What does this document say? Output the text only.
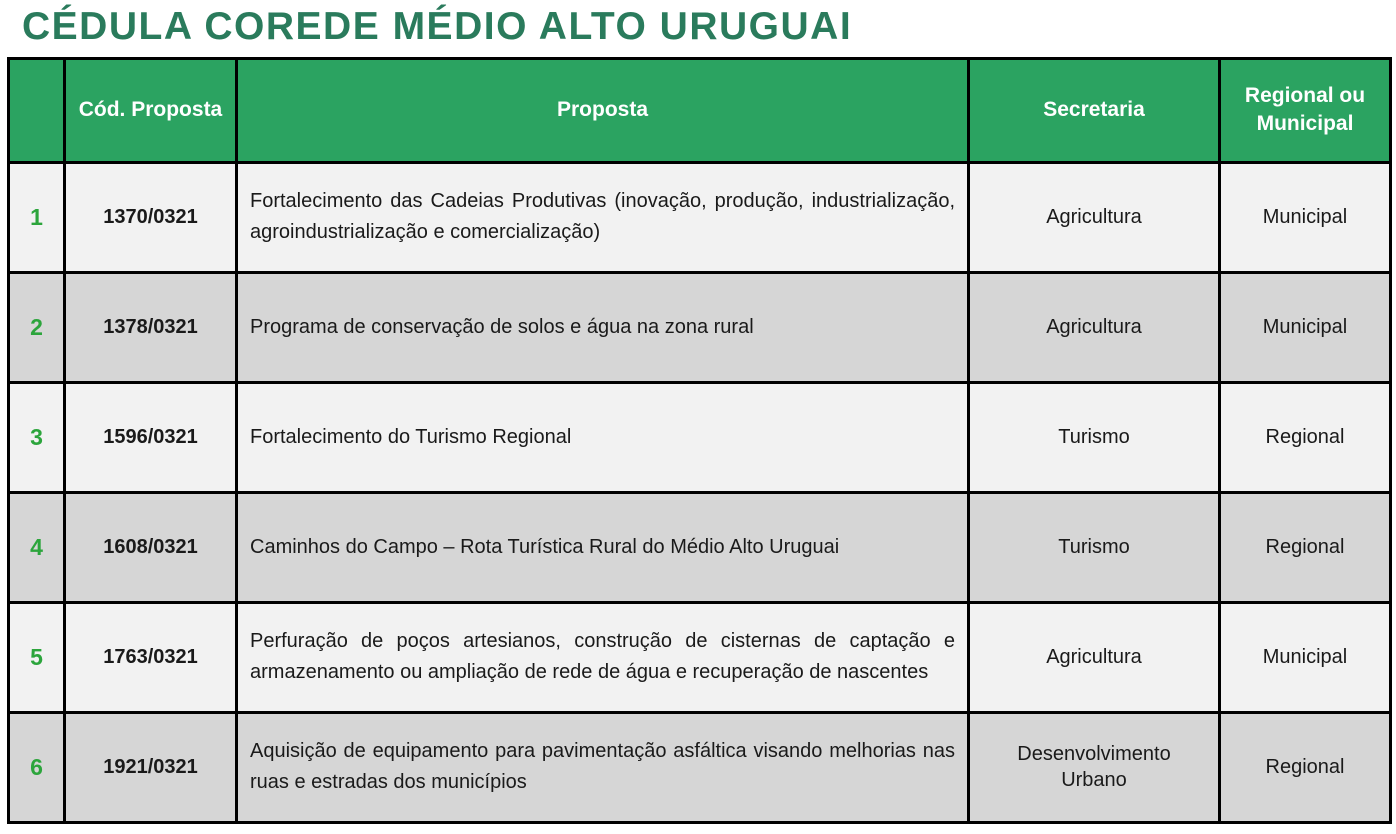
CÉDULA COREDE MÉDIO ALTO URUGUAI
	Cód. Proposta	Proposta	Secretaria	Regional ou Municipal
1	1370/0321	Fortalecimento das Cadeias Produtivas (inovação, produção, industrialização, agroindustrialização e comercialização)	Agricultura	Municipal
2	1378/0321	Programa de conservação de solos e água na zona rural	Agricultura	Municipal
3	1596/0321	Fortalecimento do Turismo Regional	Turismo	Regional
4	1608/0321	Caminhos do Campo – Rota Turística Rural do Médio Alto Uruguai	Turismo	Regional
5	1763/0321	Perfuração de poços artesianos, construção de cisternas de captação e armazenamento ou ampliação de rede de água e recuperação de nascentes	Agricultura	Municipal
6	1921/0321	Aquisição de equipamento para pavimentação asfáltica visando melhorias nas ruas e estradas dos municípios	Desenvolvimento Urbano	Regional
